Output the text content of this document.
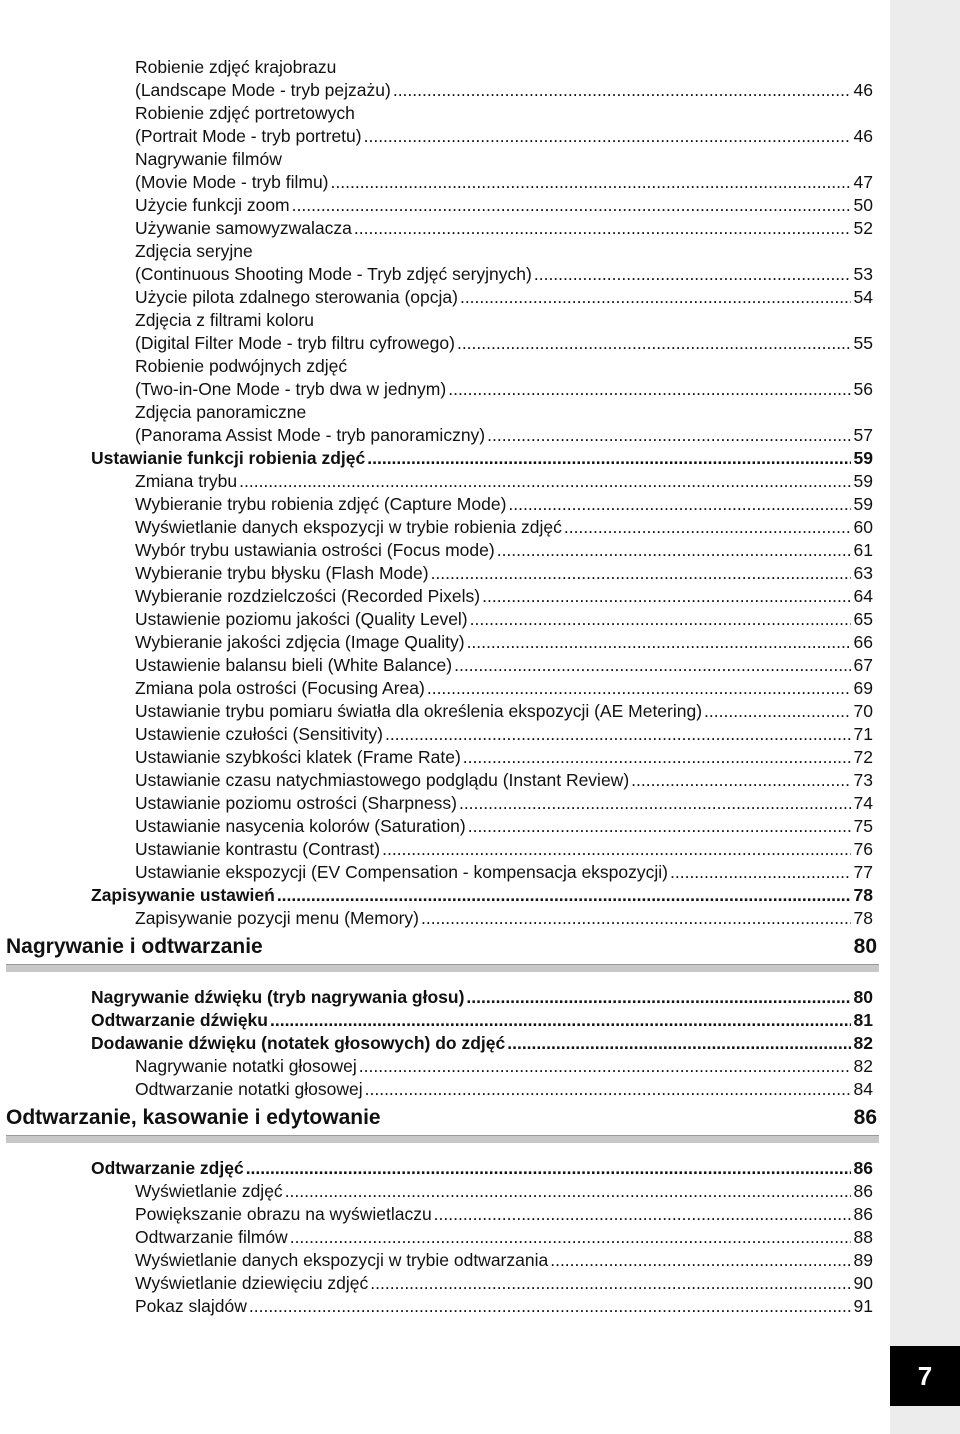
7
Robienie zdjęć krajobrazu
(Landscape Mode - tryb pejzażu) .....	46
Robienie zdjęć portretowych
(Portrait Mode - tryb portretu) .....	46
Nagrywanie filmów
(Movie Mode - tryb filmu) .....	47
Użycie funkcji zoom .....	50
Używanie samowyzwalacza .....	52
Zdjęcia seryjne
(Continuous Shooting Mode - Tryb zdjęć seryjnych) .....	53
Użycie pilota zdalnego sterowania (opcja) .....	54
Zdjęcia z filtrami koloru
(Digital Filter Mode - tryb filtru cyfrowego) .....	55
Robienie podwójnych zdjęć
(Two-in-One Mode - tryb dwa w jednym) .....	56
Zdjęcia panoramiczne
(Panorama Assist Mode - tryb panoramiczny) .....	57
Ustawianie funkcji robienia zdjęć .....	59
Zmiana trybu .....	59
Wybieranie trybu robienia zdjęć (Capture Mode) .....	59
Wyświetlanie danych ekspozycji w trybie robienia zdjęć .....	60
Wybór trybu ustawiania ostrości (Focus mode) .....	61
Wybieranie trybu błysku (Flash Mode) .....	63
Wybieranie rozdzielczości (Recorded Pixels) .....	64
Ustawienie poziomu jakości (Quality Level) .....	65
Wybieranie jakości zdjęcia (Image Quality) .....	66
Ustawienie balansu bieli (White Balance) .....	67
Zmiana pola ostrości (Focusing Area) .....	69
Ustawianie trybu pomiaru światła dla określenia ekspozycji (AE Metering) .....	70
Ustawienie czułości (Sensitivity) .....	71
Ustawianie szybkości klatek (Frame Rate) .....	72
Ustawianie czasu natychmiastowego podglądu (Instant Review) .....	73
Ustawianie poziomu ostrości (Sharpness) .....	74
Ustawianie nasycenia kolorów (Saturation) .....	75
Ustawianie kontrastu (Contrast) .....	76
Ustawianie ekspozycji (EV Compensation - kompensacja ekspozycji) .....	77
Zapisywanie ustawień .....	78
Zapisywanie pozycji menu (Memory) .....	78
Nagrywanie i odtwarzanie	80
Nagrywanie dźwięku (tryb nagrywania głosu) .....	80
Odtwarzanie dźwięku .....	81
Dodawanie dźwięku (notatek głosowych) do zdjęć .....	82
Nagrywanie notatki głosowej .....	82
Odtwarzanie notatki głosowej .....	84
Odtwarzanie, kasowanie i edytowanie	86
Odtwarzanie zdjęć .....	86
Wyświetlanie zdjęć .....	86
Powiększanie obrazu na wyświetlaczu .....	86
Odtwarzanie filmów .....	88
Wyświetlanie danych ekspozycji w trybie odtwarzania .....	89
Wyświetlanie dziewięciu zdjęć .....	90
Pokaz slajdów .....	91
